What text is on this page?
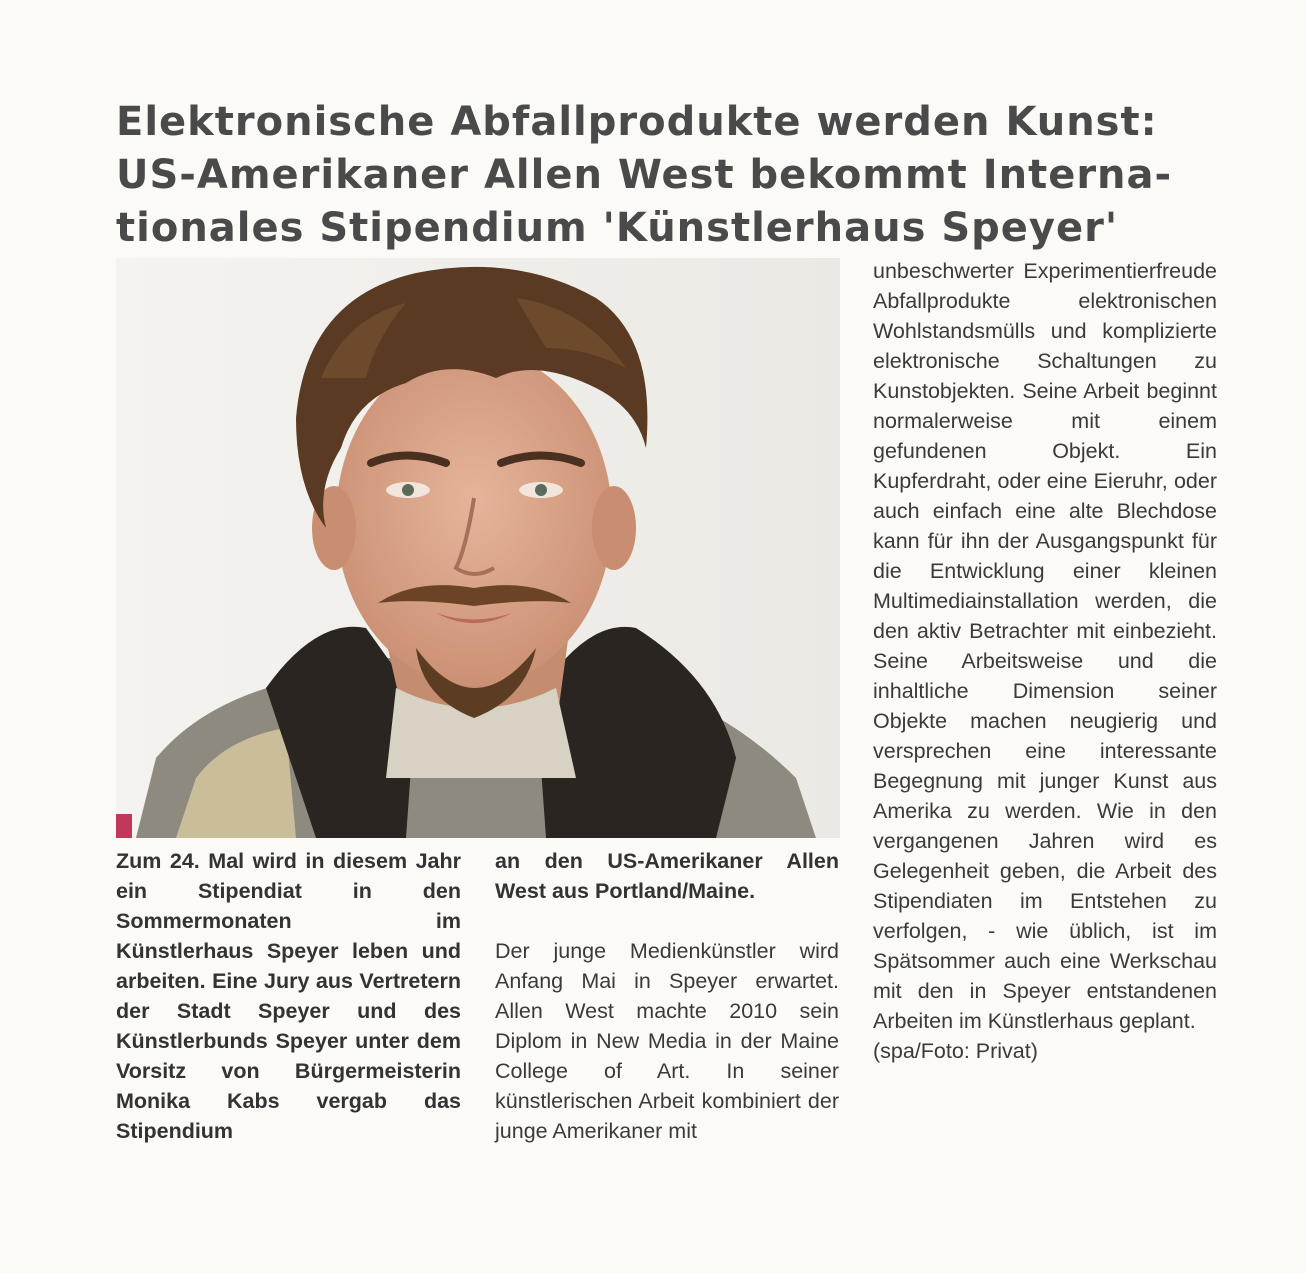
Elektronische Abfallprodukte werden Kunst:
US-Amerikaner Allen West bekommt Interna-
tionales Stipendium 'Künstlerhaus Speyer'

Zum 24. Mal wird in diesem Jahr ein Stipendiat in den Sommermonaten im Künstlerhaus Speyer leben und arbeiten. Eine Jury aus Vertretern der Stadt Speyer und des Künstlerbunds Speyer unter dem Vorsitz von Bürgermeisterin Monika Kabs vergab das Stipendium

an den US-Amerikaner Allen West aus Portland/Maine.

Der junge Medienkünstler wird Anfang Mai in Speyer erwartet. Allen West machte 2010 sein Diplom in New Media in der Maine College of Art. In seiner künstlerischen Arbeit kombiniert der junge Amerikaner mit

unbeschwerter Experimentierfreude Abfallprodukte elektronischen Wohlstandsmülls und komplizierte elektronische Schaltungen zu Kunstobjekten. Seine Arbeit beginnt normalerweise mit einem gefundenen Objekt. Ein Kupferdraht, oder eine Eieruhr, oder auch einfach eine alte Blechdose kann für ihn der Ausgangspunkt für die Entwicklung einer kleinen Multimediainstallation werden, die den aktiv Betrachter mit einbezieht. Seine Arbeitsweise und die inhaltliche Dimension seiner Objekte machen neugierig und versprechen eine interessante Begegnung mit junger Kunst aus Amerika zu werden. Wie in den vergangenen Jahren wird es Gelegenheit geben, die Arbeit des Stipendiaten im Entstehen zu verfolgen, - wie üblich, ist im Spätsommer auch eine Werkschau mit den in Speyer entstandenen Arbeiten im Künstlerhaus geplant.

(spa/Foto: Privat)
